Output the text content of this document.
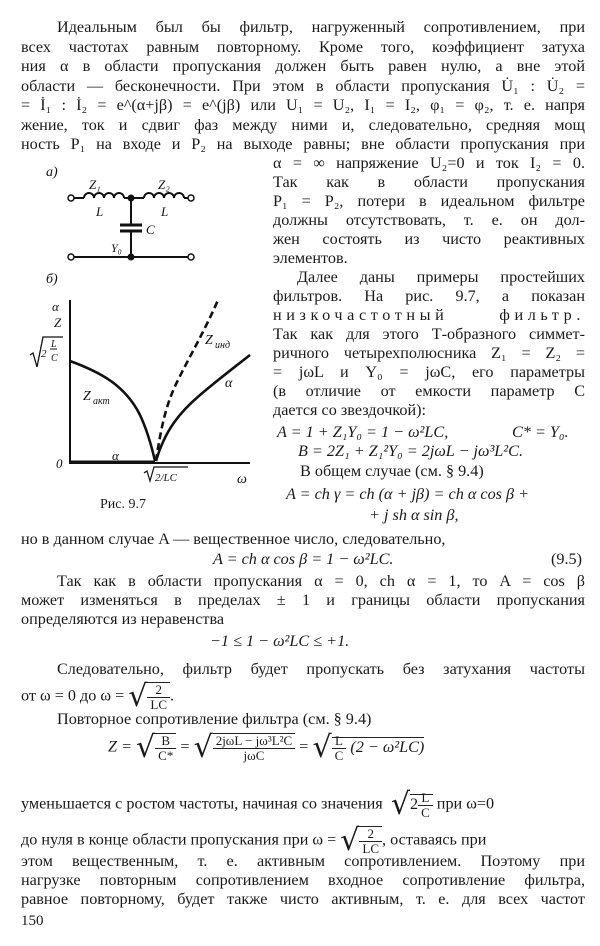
Идеальным был бы фильтр, нагруженный сопротивлением, при
всех частотах равным повторному. Кроме того, коэффициент затуха
ния α в области пропускания должен быть равен нулю, а вне этой
области — бесконечности. При этом в области пропускания U̇₁ : U̇₂ =
= İ₁ : İ₂ = e^(α+jβ) = e^(jβ) или U₁ = U₂, I₁ = I₂, φ₁ = φ₂, т. е. напря
жение, ток и сдвиг фаз между ними и, следовательно, средняя мощ
ность P₁ на входе и P₂ на выходе равны; вне области пропускания при
α = ∞ напряжение U₂=0 и ток I₂ = 0.
Так как в области пропускания
P₁ = P₂, потери в идеальном фильтре
должны отсутствовать, т. е. он дол-
жен состоять из чисто реактивных
элементов.
Далее даны примеры простейших
фильтров. На рис. 9.7, а показан
низкочастотный фильтр.
Так как для этого Т-образного симмет-
ричного четырехполюсника Z₁ = Z₂ =
= jωL и Y₀ = jωC, его параметры
(в отличие от емкости параметр C
дается со звездочкой):
A = 1 + Z₁Y₀ = 1 − ω²LC,	C* = Y₀.
B = 2Z₁ + Z₁²Y₀ = 2jωL − jω³L²C.
В общем случае (см. § 9.4)
A = ch γ = ch (α + jβ) = ch α cos β +
+ j sh α sin β,
а)
Z₁	Z₂
L	L
C
Y₀
б)
α
Z
2
L
C
Z акт
Z инд
α
α
0
ω
2/LC
Рис. 9.7
но в данном случае A — вещественное число, следовательно,
A = ch α cos β = 1 − ω²LC.	(9.5)
Так как в области пропускания α = 0, ch α = 1, то A = cos β
может изменяться в пределах ± 1 и границы области пропускания
определяются из неравенства
−1 ≤ 1 − ω²LC ≤ +1.
Следовательно, фильтр будет пропускать без затухания частоты
от ω = 0 до ω = √ $\frac{2}{LC}$ .
Повторное сопротивление фильтра (см. § 9.4)
Z = √ $\frac{B}{C*}$ = √ $\frac{\text{2jωL − jω³L²C}}{\text{jωC}}$ = √ $\frac{L}{C} (2 - \omega^2LC)$
уменьшается с ростом частоты, начиная со значения $√2 \frac{L}{C}$ при ω=0
до нуля в конце области пропускания при ω = √ $\frac{2}{LC}$ , оставаясь при
этом вещественным, т. е. активным сопротивлением. Поэтому при
нагрузке повторным сопротивлением входное сопротивление фильтра,
равное повторному, будет также чисто активным, т. е. для всех частот
150
